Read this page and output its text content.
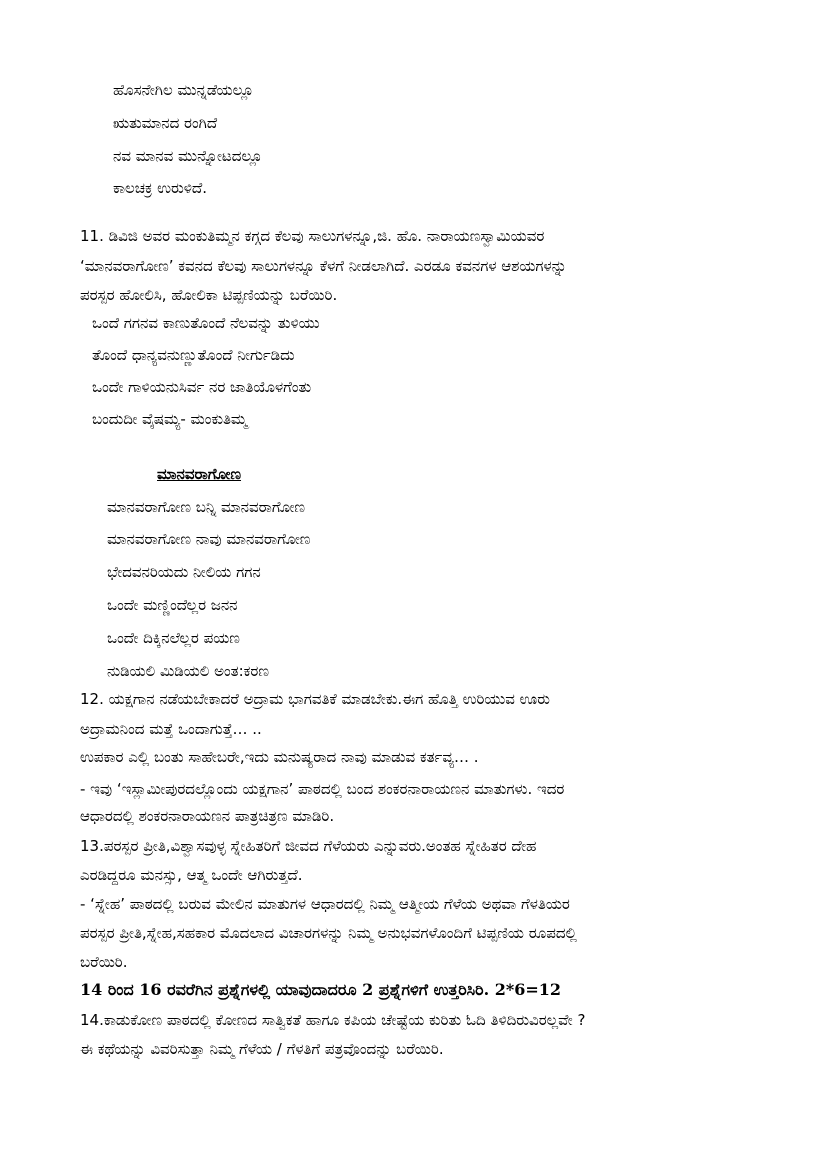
ಹೊಸನೇಗಿಲ ಮುನ್ನಡೆಯಲ್ಲೂ
ಋತುಮಾನದ ರಂಗಿದೆ
ನವ ಮಾನವ ಮುನ್ನೋಟದಲ್ಲೂ
ಕಾಲಚಕ್ರ ಉರುಳಿದೆ.
11. ಡಿವಿಜಿ ಅವರ ಮಂಕುತಿಮ್ಮನ ಕಗ್ಗದ ಕೆಲವು ಸಾಲುಗಳನ್ನೂ,ಜಿ. ಹೊ. ನಾರಾಯಣಸ್ವಾಮಿಯವರ
‘ಮಾನವರಾಗೋಣ’ ಕವನದ ಕೆಲವು ಸಾಲುಗಳನ್ನೂ ಕೆಳಗೆ ನೀಡಲಾಗಿದೆ. ಎರಡೂ ಕವನಗಳ ಆಶಯಗಳನ್ನು
ಪರಸ್ಪರ ಹೋಲಿಸಿ, ಹೋಲಿಕಾ ಟಿಪ್ಪಣಿಯನ್ನು ಬರೆಯಿರಿ.
ಒಂದೆ ಗಗನವ ಕಾಣುತೊಂದೆ ನೆಲವನ್ನು ತುಳಿಯು
ತೊಂದೆ ಧಾನ್ಯವನುಣ್ಣುತೊಂದೆ ನೀರ್ಗುಡಿದು
ಒಂದೇ ಗಾಳಿಯನುಸಿರ್ವ ನರ ಜಾತಿಯೊಳಗೆಂತು
ಬಂದುದೀ ವೈಷಮ್ಯ- ಮಂಕುತಿಮ್ಮ
ಮಾನವರಾಗೋಣ
ಮಾನವರಾಗೋಣ ಬನ್ನಿ ಮಾನವರಾಗೋಣ
ಮಾನವರಾಗೋಣ ನಾವು ಮಾನವರಾಗೋಣ
ಭೇದವನರಿಯದು ನೀಲಿಯ ಗಗನ
ಒಂದೇ ಮಣ್ಣಿಂದೆಲ್ಲರ ಜನನ
ಒಂದೇ ದಿಕ್ಕಿನಲೆಲ್ಲರ ಪಯಣ
ನುಡಿಯಲಿ ಮಿಡಿಯಲಿ ಅಂತ:ಕರಣ
12. ಯಕ್ಷಗಾನ ನಡೆಯಬೇಕಾದರೆ ಅದ್ರಾಮ ಭಾಗವತಿಕೆ ಮಾಡಬೇಕು.ಈಗ ಹೊತ್ತಿ ಉರಿಯುವ ಊರು
ಅದ್ರಾಮನಿಂದ ಮತ್ತೆ ಒಂದಾಗುತ್ತೆ… ..
ಉಪಕಾರ ಎಲ್ಲಿ ಬಂತು ಸಾಹೇಬರೇ,ಇದು ಮನುಷ್ಯರಾದ ನಾವು ಮಾಡುವ ಕರ್ತವ್ಯ… .
- ಇವು ‘ಇಸ್ಲಾಮೀಪುರದಲ್ಲೊಂದು ಯಕ್ಷಗಾನ’ ಪಾಠದಲ್ಲಿ ಬಂದ ಶಂಕರನಾರಾಯಣನ ಮಾತುಗಳು. ಇದರ
ಆಧಾರದಲ್ಲಿ ಶಂಕರನಾರಾಯಣನ ಪಾತ್ರಚಿತ್ರಣ ಮಾಡಿರಿ.
13.ಪರಸ್ಪರ ಪ್ರೀತಿ,ವಿಶ್ವಾಸವುಳ್ಳ ಸ್ನೇಹಿತರಿಗೆ ಜೀವದ ಗೆಳೆಯರು ಎನ್ನುವರು.ಅಂತಹ ಸ್ನೇಹಿತರ ದೇಹ
ಎರಡಿದ್ದರೂ ಮನಸ್ಸು, ಆತ್ಮ ಒಂದೇ ಆಗಿರುತ್ತದೆ.
- ‘ಸ್ನೇಹ’ ಪಾಠದಲ್ಲಿ ಬರುವ ಮೇಲಿನ ಮಾತುಗಳ ಆಧಾರದಲ್ಲಿ ನಿಮ್ಮ ಆತ್ಮೀಯ ಗೆಳೆಯ ಅಥವಾ ಗೆಳತಿಯರ
ಪರಸ್ಪರ ಪ್ರೀತಿ,ಸ್ನೇಹ,ಸಹಕಾರ ಮೊದಲಾದ ವಿಚಾರಗಳನ್ನು ನಿಮ್ಮ ಅನುಭವಗಳೊಂದಿಗೆ ಟಿಪ್ಪಣಿಯ ರೂಪದಲ್ಲಿ
ಬರೆಯಿರಿ.
14 ರಿಂದ 16 ರವರೆಗಿನ ಪ್ರಶ್ನೆಗಳಲ್ಲಿ ಯಾವುದಾದರೂ 2 ಪ್ರಶ್ನೆಗಳಿಗೆ ಉತ್ತರಿಸಿರಿ. 2*6=12
14.ಕಾಡುಕೋಣ ಪಾಠದಲ್ಲಿ ಕೋಣದ ಸಾತ್ವಿಕತೆ ಹಾಗೂ ಕಪಿಯ ಚೇಷ್ಟೆಯ ಕುರಿತು ಓದಿ ತಿಳಿದಿರುವಿರಲ್ಲವೇ ?
ಈ ಕಥೆಯನ್ನು ವಿವರಿಸುತ್ತಾ ನಿಮ್ಮ ಗೆಳೆಯ / ಗೆಳತಿಗೆ ಪತ್ರವೊಂದನ್ನು ಬರೆಯಿರಿ.
